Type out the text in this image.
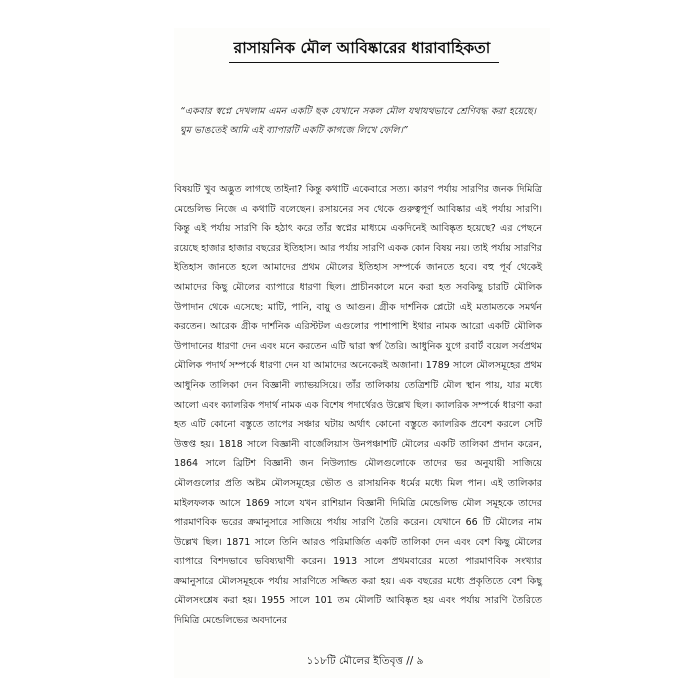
রাসায়নিক মৌল আবিষ্কারের ধারাবাহিকতা

“একবার স্বপ্নে দেখলাম এমন একটি ছক যেখানে সকল মৌল যথাযথভাবে শ্রেণিবদ্ধ করা হয়েছে। ঘুম ভাঙতেই আমি এই ব্যাপারটি একটি কাগজে লিখে ফেলি।”

বিষয়টি খুব অদ্ভুত লাগছে তাইনা? কিন্তু কথাটি একেবারে সত্য। কারণ পর্যায় সারণির জনক দিমিত্রি মেন্ডেলিভ নিজে এ কথাটি বলেছেন। রসায়নের সব থেকে গুরুত্বপূর্ণ আবিষ্কার এই পর্যায় সারণি। কিন্তু এই পর্যায় সারণি কি হঠাৎ করে তাঁর স্বপ্নের মাধ্যমে একদিনেই আবিষ্কৃত হয়েছে? এর পেছনে রয়েছে হাজার হাজার বছরের ইতিহাস। আর পর্যায় সারণি একক কোন বিষয় নয়। তাই পর্যায় সারণির ইতিহাস জানতে হলে আমাদের প্রথম মৌলের ইতিহাস সম্পর্কে জানতে হবে। বহু পূর্ব থেকেই আমাদের কিছু মৌলের ব্যাপারে ধারণা ছিল। প্রাচীনকালে মনে করা হত সবকিছু চারটি মৌলিক উপাদান থেকে এসেছে: মাটি, পানি, বায়ু ও আগুন। গ্রীক দার্শনিক প্লেটো এই মতামতকে সমর্থন করতেন। আরেক গ্রীক দার্শনিক এরিস্টটল এগুলোর পাশাপাশি ইথার নামক আরো একটি মৌলিক উপাদানের ধারণা দেন এবং মনে করতেন এটি দ্বারা স্বর্গ তৈরি। আধুনিক যুগে রবার্ট বয়েল সর্বপ্রথম মৌলিক পদার্থ সম্পর্কে ধারণা দেন যা আমাদের অনেকেরই অজানা। 1789 সালে মৌলসমূহের প্রথম আধুনিক তালিকা দেন বিজ্ঞানী ল্যাভয়সিয়ে। তাঁর তালিকায় তেত্রিশটি মৌল স্থান পায়, যার মধ্যে আলো এবং ক্যালরিক পদার্থ নামক এক বিশেষ পদার্থেরও উল্লেখ ছিল। ক্যালরিক সম্পর্কে ধারণা করা হত এটি কোনো বস্তুতে তাপের সঞ্চার ঘটায় অর্থাৎ কোনো বস্তুতে ক্যালরিক প্রবেশ করলে সেটি উত্তপ্ত হয়। 1818 সালে বিজ্ঞানী বার্জেলিয়াস উনপঞ্চাশটি মৌলের একটি তালিকা প্রদান করেন, 1864 সালে ব্রিটিশ বিজ্ঞানী জন নিউল্যান্ড মৌলগুলোকে তাদের ভর অনুযায়ী সাজিয়ে মৌলগুলোর প্রতি অষ্টম মৌলসমূহের ভৌত ও রাসায়নিক ধর্মের মধ্যে মিল পান। এই তালিকার মাইলফলক আসে 1869 সালে যখন রাশিয়ান বিজ্ঞানী দিমিত্রি মেন্ডেলিভ মৌল সমূহকে তাদের পারমাণবিক ভরের ক্রমানুসারে সাজিয়ে পর্যায় সারণি তৈরি করেন। যেখানে 66 টি মৌলের নাম উল্লেখ ছিল। 1871 সালে তিনি আরও পরিমার্জিত একটি তালিকা দেন এবং বেশ কিছু মৌলের ব্যাপারে বিশদভাবে ভবিষ্যদ্বাণী করেন। 1913 সালে প্রথমবারের মতো পারমাণবিক সংখ্যার ক্রমানুসারে মৌলসমূহকে পর্যায় সারণিতে সজ্জিত করা হয়। এক বছরের মধ্যে প্রকৃতিতে বেশ কিছু মৌলসংশ্লেষ করা হয়। 1955 সালে 101 তম মৌলটি আবিষ্কৃত হয় এবং পর্যায় সারণি তৈরিতে দিমিত্রি মেন্ডেলিভের অবদানের

১১৮টি মৌলের ইতিবৃত্ত // ৯
